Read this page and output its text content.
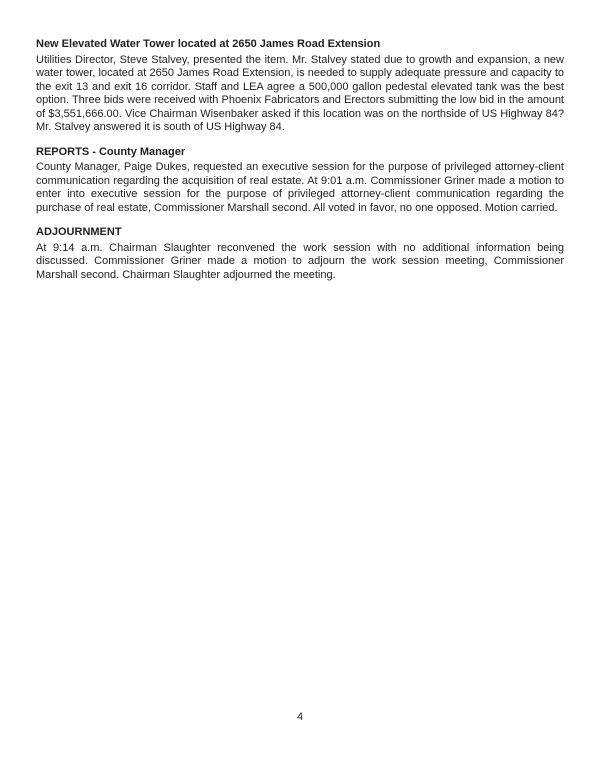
New Elevated Water Tower located at 2650 James Road Extension

Utilities Director, Steve Stalvey, presented the item. Mr. Stalvey stated due to growth and expansion, a new water tower, located at 2650 James Road Extension, is needed to supply adequate pressure and capacity to the exit 13 and exit 16 corridor. Staff and LEA agree a 500,000 gallon pedestal elevated tank was the best option. Three bids were received with Phoenix Fabricators and Erectors submitting the low bid in the amount of $3,551,666.00. Vice Chairman Wisenbaker asked if this location was on the northside of US Highway 84? Mr. Stalvey answered it is south of US Highway 84.

REPORTS - County Manager

County Manager, Paige Dukes, requested an executive session for the purpose of privileged attorney-client communication regarding the acquisition of real estate. At 9:01 a.m. Commissioner Griner made a motion to enter into executive session for the purpose of privileged attorney-client communication regarding the purchase of real estate, Commissioner Marshall second. All voted in favor, no one opposed. Motion carried.

ADJOURNMENT

At 9:14 a.m. Chairman Slaughter reconvened the work session with no additional information being discussed. Commissioner Griner made a motion to adjourn the work session meeting, Commissioner Marshall second. Chairman Slaughter adjourned the meeting.

4
